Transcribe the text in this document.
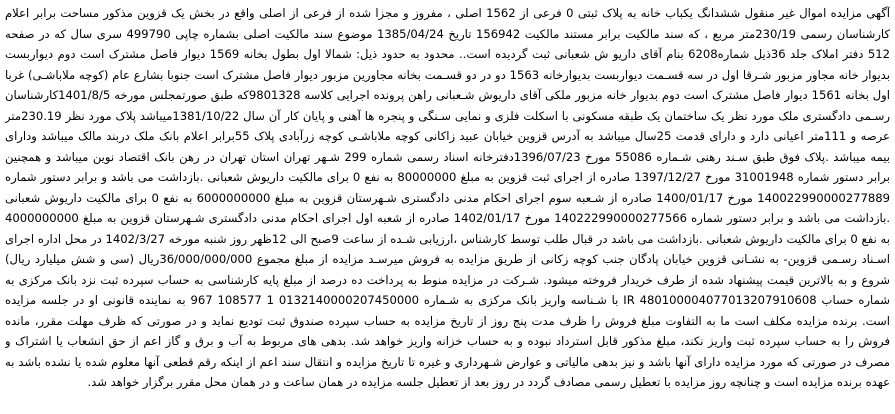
آگهی مزایده اموال غیر منقول ششدانگ یکباب خانه به پلاک ثبتی 0 فرعی از 1562 اصلی ، مفروز و مجزا شده از فرعی از اصلی واقع در بخش یک قزوین مذکور مساحت برابر اعلام کارشناسان رسمی 230/19متر مربع ، که سند مالکیت برابر مستند مالکیت 156942 تاریخ 1385/04/24 موضوع سند مالکیت اصلی بشماره چاپی 499790 سری سال که در صفحه 512 دفتر املاک جلد 36ذیل شماره6208 بنام آقای داریو ش شعبانی ثبت گردیده است.. محدود به حدود ذیل: شمالا اول بطول بخانه 1569 دیوار فاصل مشترک است دوم دیواربست بدیوار خانه مجاور مزبور شـرقا اول در سه قسـمت دیواربست بدیوارخانه 1563 دو در دو قسـمت بخانه مجاورین مزبور دیوار فاصل مشترک است جنوبا بشارع عام (کوچه ملاباشـی) غربا اول بخانه 1561 دیوار فاصل مشترک است دوم بدیوار خانه مزبور ملکی آقای داریوش شـعبانی راهن پرونده اجرایی کلاسه 9801328که طبق صورتمجلس مورخه 1401/8/5کارشناسان رسـمی دادگستری ملک مورد نظر یک ساختمان یک طبقه مسکونی با اسکلت فلزی و نمایی سـنگی و پنجره ها آهنی و پایان کار آن سال 1381/10/22میباشد پلاک مورد نظر 230.19متر عرصه و 111متر اعیانی دارد و دارای قدمت 25سال میباشد به آدرس قزوین خیابان عبید زاکانی کوچه ملاباشـی کوچه زرآبادی پلاک 55برابر اعلام بانک ملک دربند مالک میباشد ودارای بیمه میباشد .پلاک فوق طبق سـند رهنی شـماره 55086 مورخ 1396/07/23دفترخانه اسناد رسمی شماره 299 شـهر تهران استان تهران در رهن بانک اقتصاد نوین میباشد و همچنین برابر دستور شماره 31001948 مورخ 1397/12/27 صادره از اجرای ثبت قزوین به مبلغ 80000000 به نفع 0 برای مالکیت داریوش شعبانی .بازداشت می باشد و برابر دستور شماره 140022990000277889 مورخ 1400/01/17 صادره از شـعبه سوم اجرای احکام مدنی دادگستری شـهرستان قزوین به مبلغ 6000000000 به نفع 0 برای مالکیت داریوش شعبانی .بازداشت می باشد و برابر دستور شماره 140222990000277566 مورخ 1402/01/17 صادره از شعبه اول اجرای احکام مدنی دادگستری شـهرستان قزوین به مبلغ 4000000000 به نفع 0 برای مالکیت داریوش شعبانی .بازداشت می باشد در قبال طلب توسط کارشناس ،ارزیابی شـده از ساعت 9صبح الی 12ظهر روز شنبه مورخه 1402/3/27 در محل اداره اجرای اسـناد رسـمی قزوین- به نشـانی قزوین خیابان پادگان جنب کوچه زکانی از طریق مزایده به فروش میرسـد مزایده از مبلغ مجموع 36/000/000/000ریال (سی و شش میلیارد ریال) شروع و به بالاترین قیمت پیشنهاد شده از طرف خریدار فروخته میشود. شـرکت در مزایده منوط به پرداخت ده درصد از مبلغ پایه کارشناسی به حساب سپرده ثبت نزد بانک مرکزی به شماره حساب IR 480100004077013207910608 با شـناسه واریز بانک مرکزی به شـماره 0132140000207450000 1 108577 967 به نماینده قانونی او در جلسه مزایده است. برنده مزایده مکلف است ما به التفاوت مبلغ فروش را ظرف مدت پنج روز از تاریخ مزایده به حساب سپرده صندوق ثبت توديع نماید و در صورتی که ظرف مهلت مقرر، مانده فروش را به حساب سپرده ثبت واریز نکند، مبلغ مذکور قابل استرداد نبوده و به حساب خزانه واریز خواهد شد. بدهی های مربوط به آب و برق و گاز اعم از حق انشعاب یا اشتراک و مصرف در صورتی که مورد مزایده دارای آنها باشد و نیز بدهی مالیاتی و عوارض شـهرداری و غیره تا تاریخ مزایده و انتقال سند اعم از اینکه رقم قطعی آنها معلوم شده یا نشده باشد به عهده برنده مزایده است و چنانچه روز مزایده با تعطیل رسمی مصادف گردد در روز بعد از تعطیل جلسه مزایده در همان ساعت و در همان محل مقرر برگزار خواهد شد.
